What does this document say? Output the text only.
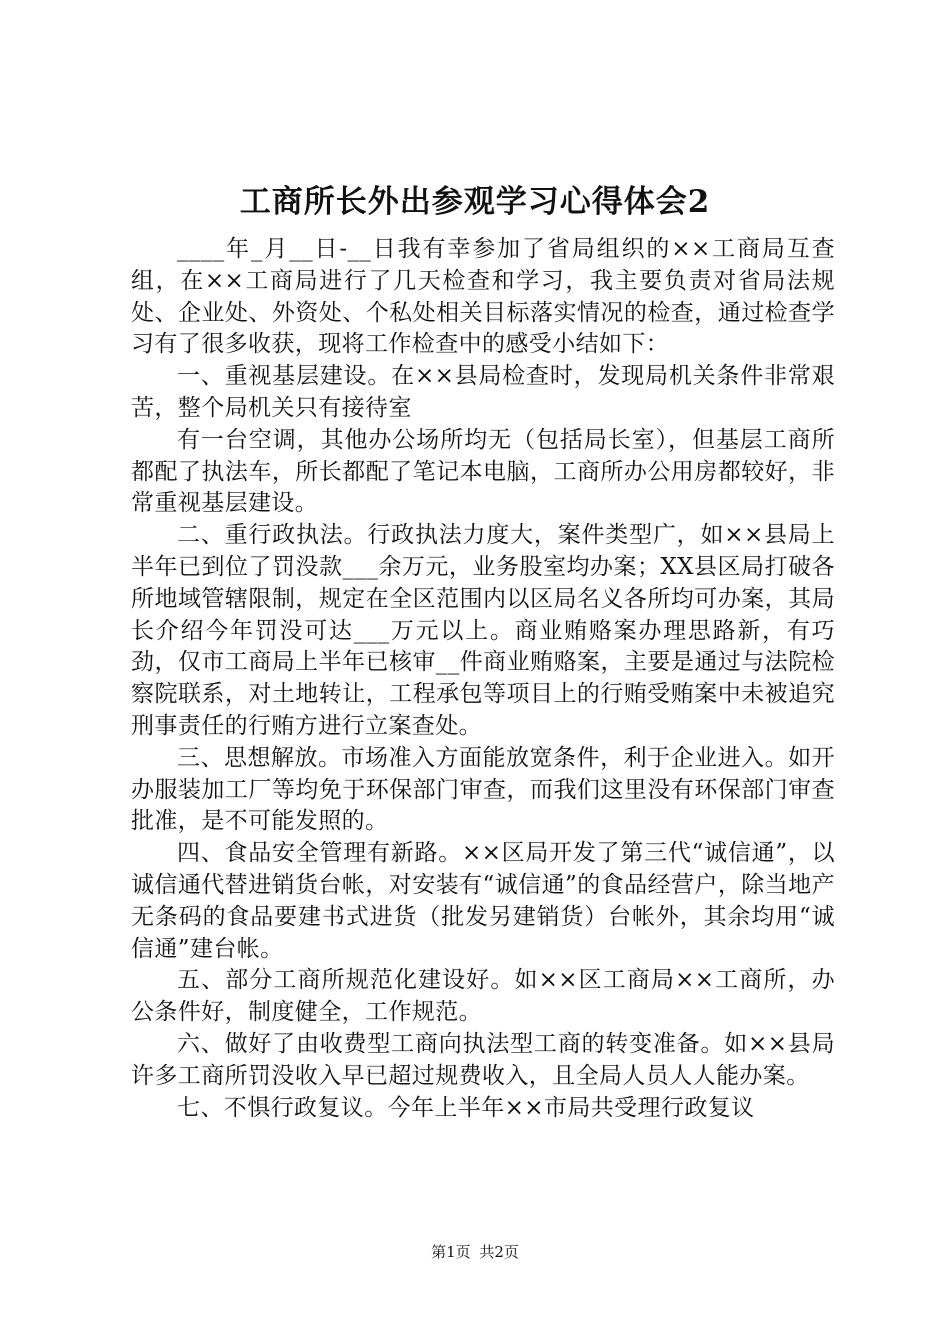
工商所长外出参观学习心得体会2

____年_月__日-__日我有幸参加了省局组织的××工商局互查组，在××工商局进行了几天检查和学习，我主要负责对省局法规处、企业处、外资处、个私处相关目标落实情况的检查，通过检查学习有了很多收获，现将工作检查中的感受小结如下：

一、重视基层建设。在××县局检查时，发现局机关条件非常艰苦，整个局机关只有接待室

有一台空调，其他办公场所均无（包括局长室），但基层工商所都配了执法车，所长都配了笔记本电脑，工商所办公用房都较好，非常重视基层建设。

二、重行政执法。行政执法力度大，案件类型广，如××县局上半年已到位了罚没款___余万元，业务股室均办案；XX县区局打破各所地域管辖限制，规定在全区范围内以区局名义各所均可办案，其局长介绍今年罚没可达___万元以上。商业贿赂案办理思路新，有巧劲，仅市工商局上半年已核审__件商业贿赂案，主要是通过与法院检察院联系，对土地转让，工程承包等项目上的行贿受贿案中未被追究刑事责任的行贿方进行立案查处。

三、思想解放。市场准入方面能放宽条件，利于企业进入。如开办服装加工厂等均免于环保部门审查，而我们这里没有环保部门审查批准，是不可能发照的。

四、食品安全管理有新路。××区局开发了第三代“诚信通”，以诚信通代替进销货台帐，对安装有“诚信通”的食品经营户，除当地产无条码的食品要建书式进货（批发另建销货）台帐外，其余均用“诚信通”建台帐。

五、部分工商所规范化建设好。如××区工商局××工商所，办公条件好，制度健全，工作规范。

六、做好了由收费型工商向执法型工商的转变准备。如××县局许多工商所罚没收入早已超过规费收入，且全局人员人人能办案。

七、不惧行政复议。今年上半年××市局共受理行政复议

第1页 共2页
